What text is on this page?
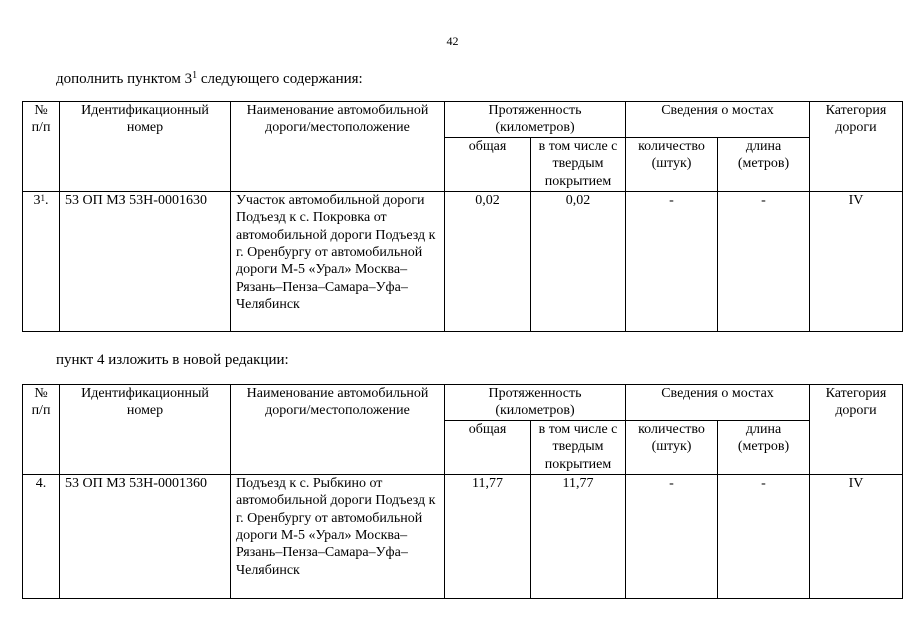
42
дополнить пунктом $3^1$ следующего содержания:
№ п/п	Идентификационный номер	Наименование автомобильной дороги/местоположение	Протяженность (километров)		Сведения о мостах		Категория дороги
			общая	в том числе с твердым покрытием	количество (штук)	длина (метров)	
$3^1$.	53 ОП МЗ 53Н-0001630	Участок автомобильной дороги Подъезд к с. Покровка от автомобильной дороги Подъезд к г. Оренбургу от автомобильной дороги М-5 «Урал» Москва–Рязань–Пенза–Самара–Уфа–Челябинск	0,02	0,02	-	-	IV
пункт 4 изложить в новой редакции:
№ п/п	Идентификационный номер	Наименование автомобильной дороги/местоположение	Протяженность (километров)		Сведения о мостах		Категория дороги
			общая	в том числе с твердым покрытием	количество (штук)	длина (метров)	
4.	53 ОП МЗ 53Н-0001360	Подъезд к с. Рыбкино от автомобильной дороги Подъезд к г. Оренбургу от автомобильной дороги М-5 «Урал» Москва–Рязань–Пенза–Самара–Уфа–Челябинск	11,77	11,77	-	-	IV
